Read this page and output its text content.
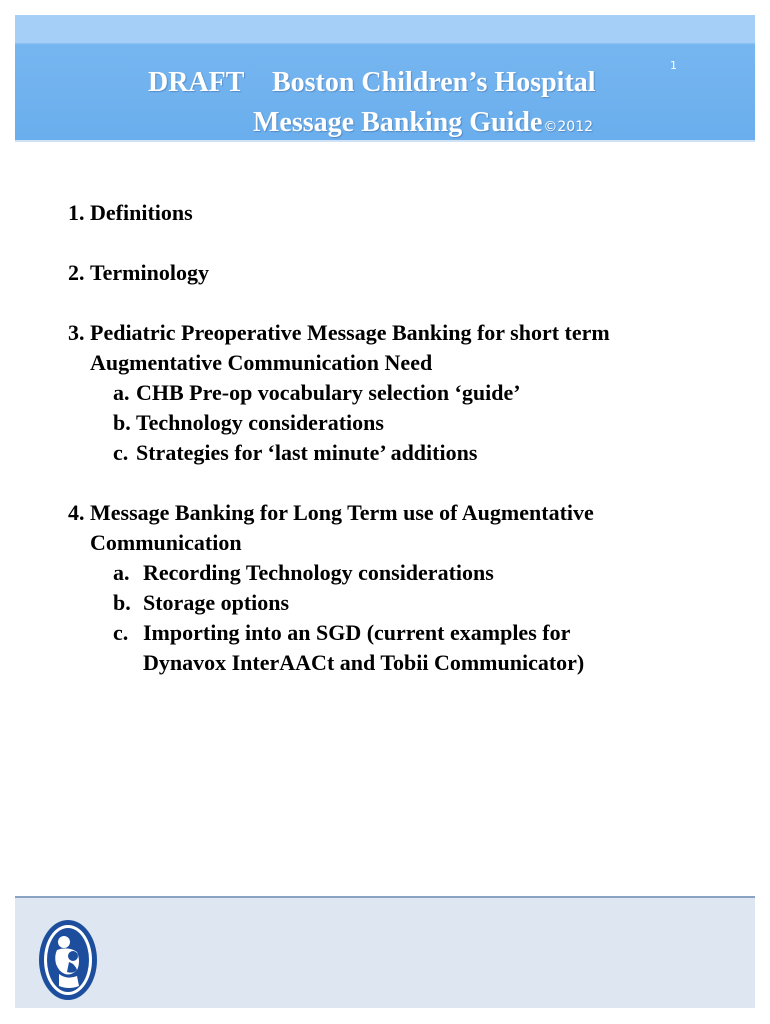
DRAFT Boston Children’s Hospital
Message Banking Guide©2012
1
1. Definitions
2. Terminology
3. Pediatric Preoperative Message Banking for short term
Augmentative Communication Need
a. CHB Pre-op vocabulary selection ‘guide’
b. Technology considerations
c. Strategies for ‘last minute’ additions
4. Message Banking for Long Term use of Augmentative
Communication
a. Recording Technology considerations
b. Storage options
c. Importing into an SGD (current examples for
Dynavox InterAACt and Tobii Communicator)
